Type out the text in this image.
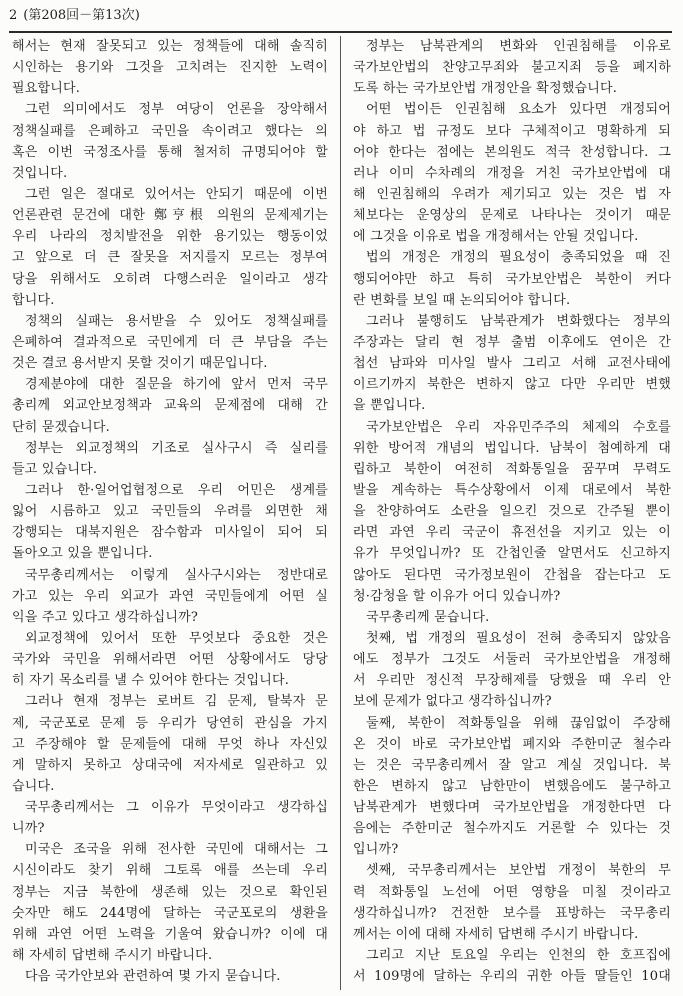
2 (第208回－第13次)
해서는 현재 잘못되고 있는 정책들에 대해 솔직히
시인하는 용기와 그것을 고치려는 진지한 노력이
필요합니다.
그런 의미에서도 정부 여당이 언론을 장악해서
정책실패를 은폐하고 국민을 속이려고 했다는 의
혹은 이번 국정조사를 통해 철저히 규명되어야 할
것입니다.
그런 일은 절대로 있어서는 안되기 때문에 이번
언론관련 문건에 대한 鄭亨根 의원의 문제제기는
우리 나라의 정치발전을 위한 용기있는 행동이었
고 앞으로 더 큰 잘못을 저지를지 모르는 정부여
당을 위해서도 오히려 다행스러운 일이라고 생각
합니다.
정책의 실패는 용서받을 수 있어도 정책실패를
은폐하여 결과적으로 국민에게 더 큰 부담을 주는
것은 결코 용서받지 못할 것이기 때문입니다.
경제분야에 대한 질문을 하기에 앞서 먼저 국무
총리께 외교안보정책과 교육의 문제점에 대해 간
단히 묻겠습니다.
정부는 외교정책의 기조로 실사구시 즉 실리를
들고 있습니다.
그러나 한·일어업협정으로 우리 어민은 생계를
잃어 시름하고 있고 국민들의 우려를 외면한 채
강행되는 대북지원은 잠수함과 미사일이 되어 되
돌아오고 있을 뿐입니다.
국무총리께서는 이렇게 실사구시와는 정반대로
가고 있는 우리 외교가 과연 국민들에게 어떤 실
익을 주고 있다고 생각하십니까?
외교정책에 있어서 또한 무엇보다 중요한 것은
국가와 국민을 위해서라면 어떤 상황에서도 당당
히 자기 목소리를 낼 수 있어야 한다는 것입니다.
그러나 현재 정부는 로버트 김 문제, 탈북자 문
제, 국군포로 문제 등 우리가 당연히 관심을 가지
고 주장해야 할 문제들에 대해 무엇 하나 자신있
게 말하지 못하고 상대국에 저자세로 일관하고 있
습니다.
국무총리께서는 그 이유가 무엇이라고 생각하십
니까?
미국은 조국을 위해 전사한 국민에 대해서는 그
시신이라도 찾기 위해 그토록 애를 쓰는데 우리
정부는 지금 북한에 생존해 있는 것으로 확인된
숫자만 해도 244명에 달하는 국군포로의 생환을
위해 과연 어떤 노력을 기울여 왔습니까? 이에 대
해 자세히 답변해 주시기 바랍니다.
다음 국가안보와 관련하여 몇 가지 묻습니다.
정부는 남북관계의 변화와 인권침해를 이유로
국가보안법의 찬양고무죄와 불고지죄 등을 폐지하
도록 하는 국가보안법 개정안을 확정했습니다.
어떤 법이든 인권침해 요소가 있다면 개정되어
야 하고 법 규정도 보다 구체적이고 명확하게 되
어야 한다는 점에는 본의원도 적극 찬성합니다. 그
러나 이미 수차례의 개정을 거친 국가보안법에 대
해 인권침해의 우려가 제기되고 있는 것은 법 자
체보다는 운영상의 문제로 나타나는 것이기 때문
에 그것을 이유로 법을 개정해서는 안될 것입니다.
법의 개정은 개정의 필요성이 충족되었을 때 진
행되어야만 하고 특히 국가보안법은 북한이 커다
란 변화를 보일 때 논의되어야 합니다.
그러나 불행히도 남북관계가 변화했다는 정부의
주장과는 달리 현 정부 출범 이후에도 연이은 간
첩선 남파와 미사일 발사 그리고 서해 교전사태에
이르기까지 북한은 변하지 않고 다만 우리만 변했
을 뿐입니다.
국가보안법은 우리 자유민주주의 체제의 수호를
위한 방어적 개념의 법입니다. 남북이 첨예하게 대
립하고 북한이 여전히 적화통일을 꿈꾸며 무력도
발을 계속하는 특수상황에서 이제 대로에서 북한
을 찬양하여도 소란을 일으킨 것으로 간주될 뿐이
라면 과연 우리 국군이 휴전선을 지키고 있는 이
유가 무엇입니까? 또 간첩인줄 알면서도 신고하지
않아도 된다면 국가정보원이 간첩을 잡는다고 도
청·감청을 할 이유가 어디 있습니까?
국무총리께 묻습니다.
첫째, 법 개정의 필요성이 전혀 충족되지 않았음
에도 정부가 그것도 서둘러 국가보안법을 개정해
서 우리만 정신적 무장해제를 당했을 때 우리 안
보에 문제가 없다고 생각하십니까?
둘째, 북한이 적화통일을 위해 끊임없이 주장해
온 것이 바로 국가보안법 폐지와 주한미군 철수라
는 것은 국무총리께서 잘 알고 계실 것입니다. 북
한은 변하지 않고 남한만이 변했음에도 불구하고
남북관계가 변했다며 국가보안법을 개정한다면 다
음에는 주한미군 철수까지도 거론할 수 있다는 것
입니까?
셋째, 국무총리께서는 보안법 개정이 북한의 무
력 적화통일 노선에 어떤 영향을 미칠 것이라고
생각하십니까? 건전한 보수를 표방하는 국무총리
께서는 이에 대해 자세히 답변해 주시기 바랍니다.
그리고 지난 토요일 우리는 인천의 한 호프집에
서 109명에 달하는 우리의 귀한 아들 딸들인 10대
